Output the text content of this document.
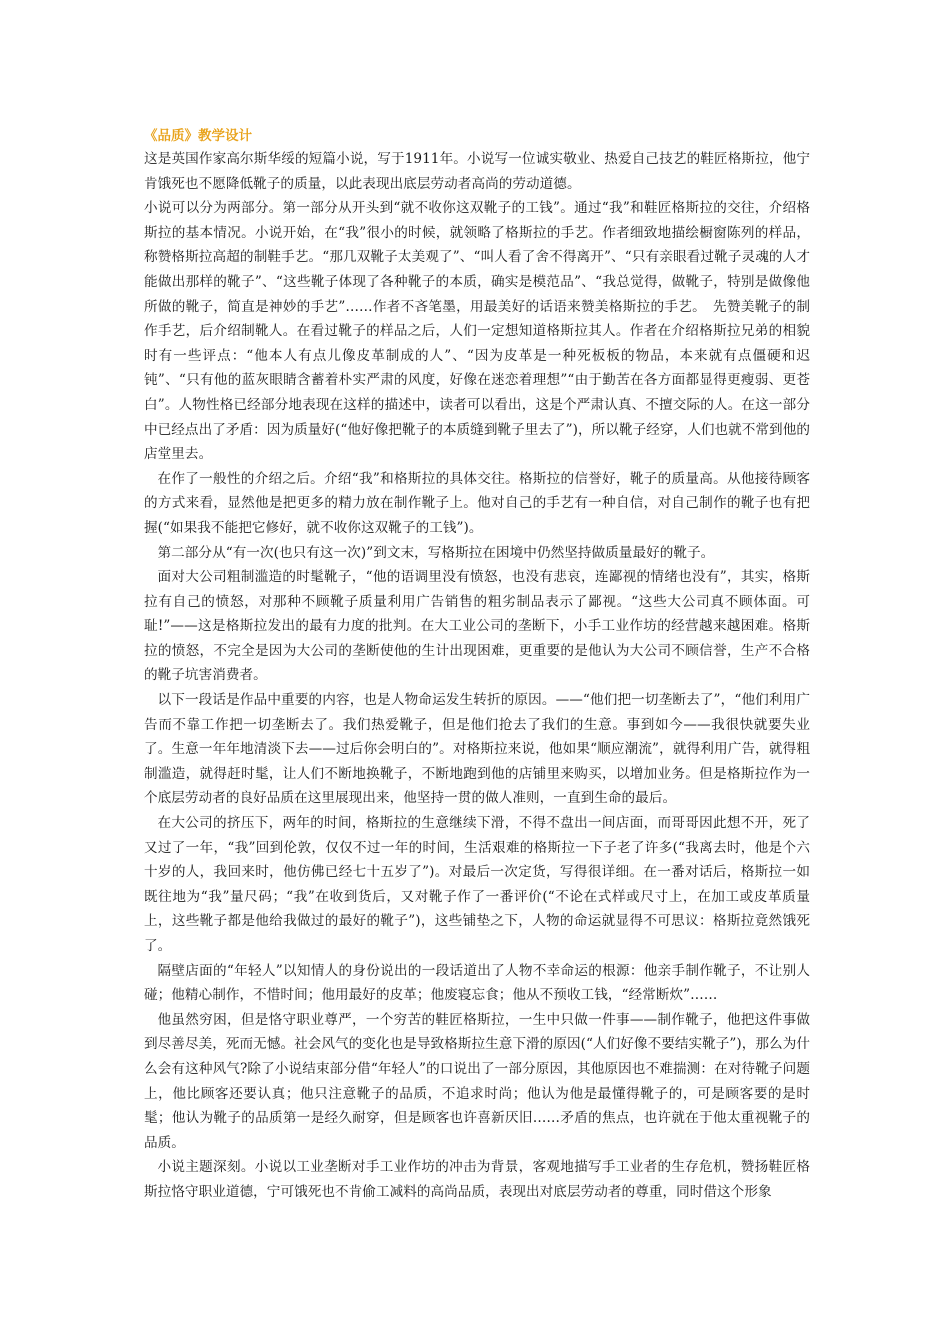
《品质》教学设计

这是英国作家高尔斯华绥的短篇小说，写于1911年。小说写一位诚实敬业、热爱自己技艺的鞋匠格斯拉，他宁肯饿死也不愿降低靴子的质量，以此表现出底层劳动者高尚的劳动道德。

小说可以分为两部分。第一部分从开头到“就不收你这双靴子的工钱”。通过“我”和鞋匠格斯拉的交往，介绍格斯拉的基本情况。小说开始，在“我”很小的时候，就领略了格斯拉的手艺。作者细致地描绘橱窗陈列的样品，称赞格斯拉高超的制鞋手艺。“那几双靴子太美观了”、“叫人看了舍不得离开”、“只有亲眼看过靴子灵魂的人才能做出那样的靴子”、“这些靴子体现了各种靴子的本质，确实是模范品”、“我总觉得，做靴子，特别是做像他所做的靴子，简直是神妙的手艺”……作者不吝笔墨，用最美好的话语来赞美格斯拉的手艺。　先赞美靴子的制作手艺，后介绍制靴人。在看过靴子的样品之后，人们一定想知道格斯拉其人。作者在介绍格斯拉兄弟的相貌时有一些评点：“他本人有点儿像皮革制成的人”、“因为皮革是一种死板板的物品，本来就有点僵硬和迟钝”、“只有他的蓝灰眼睛含蓄着朴实严肃的风度，好像在迷恋着理想”“由于勤苦在各方面都显得更瘦弱、更苍白”。人物性格已经部分地表现在这样的描述中，读者可以看出，这是个严肃认真、不擅交际的人。在这一部分中已经点出了矛盾：因为质量好(“他好像把靴子的本质缝到靴子里去了”)，所以靴子经穿，人们也就不常到他的店堂里去。

在作了一般性的介绍之后。介绍“我”和格斯拉的具体交往。格斯拉的信誉好，靴子的质量高。从他接待顾客的方式来看，显然他是把更多的精力放在制作靴子上。他对自己的手艺有一种自信，对自己制作的靴子也有把握(“如果我不能把它修好，就不收你这双靴子的工钱”)。

第二部分从“有一次(也只有这一次)”到文末，写格斯拉在困境中仍然坚持做质量最好的靴子。

面对大公司粗制滥造的时髦靴子，“他的语调里没有愤怒，也没有悲哀，连鄙视的情绪也没有”，其实，格斯拉有自己的愤怒，对那种不顾靴子质量利用广告销售的粗劣制品表示了鄙视。“这些大公司真不顾体面。可耻!”——这是格斯拉发出的最有力度的批判。在大工业公司的垄断下，小手工业作坊的经营越来越困难。格斯拉的愤怒，不完全是因为大公司的垄断使他的生计出现困难，更重要的是他认为大公司不顾信誉，生产不合格的靴子坑害消费者。

以下一段话是作品中重要的内容，也是人物命运发生转折的原因。——“他们把一切垄断去了”，“他们利用广告而不靠工作把一切垄断去了。我们热爱靴子，但是他们抢去了我们的生意。事到如今——我很快就要失业了。生意一年年地清淡下去——过后你会明白的”。对格斯拉来说，他如果“顺应潮流”，就得利用广告，就得粗制滥造，就得赶时髦，让人们不断地换靴子，不断地跑到他的店铺里来购买，以增加业务。但是格斯拉作为一个底层劳动者的良好品质在这里展现出来，他坚持一贯的做人准则，一直到生命的最后。

在大公司的挤压下，两年的时间，格斯拉的生意继续下滑，不得不盘出一间店面，而哥哥因此想不开，死了又过了一年，“我”回到伦敦，仅仅不过一年的时间，生活艰难的格斯拉一下子老了许多(“我离去时，他是个六十岁的人，我回来时，他仿佛已经七十五岁了”)。对最后一次定货，写得很详细。在一番对话后，格斯拉一如既往地为“我”量尺码；“我”在收到货后，又对靴子作了一番评价(“不论在式样或尺寸上，在加工或皮革质量上，这些靴子都是他给我做过的最好的靴子”)，这些铺垫之下，人物的命运就显得不可思议：格斯拉竟然饿死了。

隔壁店面的“年轻人”以知情人的身份说出的一段话道出了人物不幸命运的根源：他亲手制作靴子，不让别人碰；他精心制作，不惜时间；他用最好的皮革；他废寝忘食；他从不预收工钱，“经常断炊”……

他虽然穷困，但是恪守职业尊严，一个穷苦的鞋匠格斯拉，一生中只做一件事——制作靴子，他把这件事做到尽善尽美，死而无憾。社会风气的变化也是导致格斯拉生意下滑的原因(“人们好像不要结实靴子”)，那么为什么会有这种风气?除了小说结束部分借“年轻人”的口说出了一部分原因，其他原因也不难揣测：在对待靴子问题上，他比顾客还要认真；他只注意靴子的品质，不追求时尚；他认为他是最懂得靴子的，可是顾客要的是时髦；他认为靴子的品质第一是经久耐穿，但是顾客也许喜新厌旧……矛盾的焦点，也许就在于他太重视靴子的品质。

小说主题深刻。小说以工业垄断对手工业作坊的冲击为背景，客观地描写手工业者的生存危机，赞扬鞋匠格斯拉恪守职业道德，宁可饿死也不肯偷工减料的高尚品质，表现出对底层劳动者的尊重，同时借这个形象
